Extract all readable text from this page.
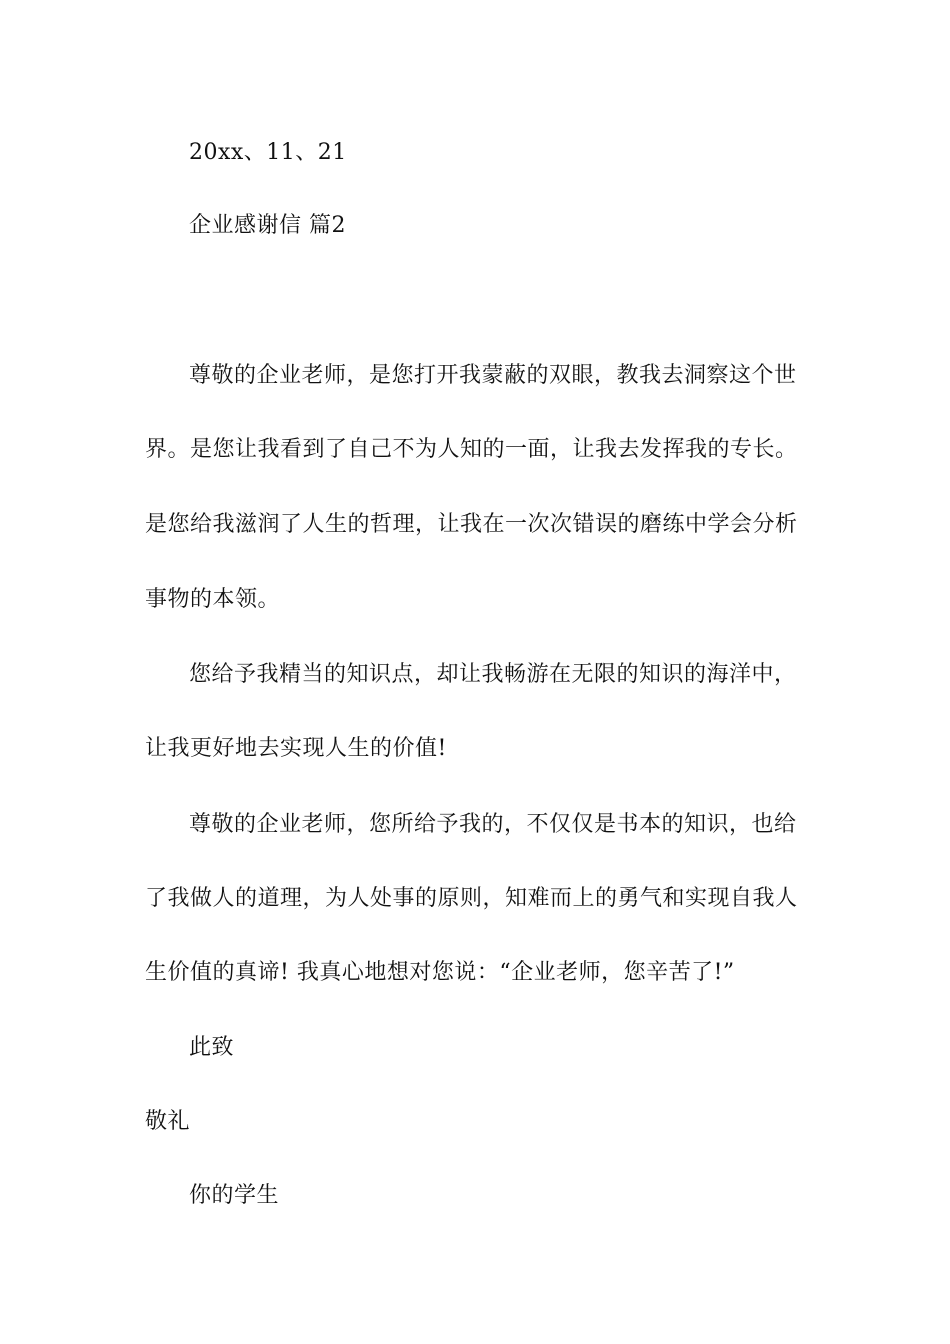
20xx、11、21
企业感谢信 篇2
尊敬的企业老师，是您打开我蒙蔽的双眼，教我去洞察这个世
界。是您让我看到了自己不为人知的一面，让我去发挥我的专长。
是您给我滋润了人生的哲理，让我在一次次错误的磨练中学会分析
事物的本领。
您给予我精当的知识点，却让我畅游在无限的知识的海洋中，
让我更好地去实现人生的价值!
尊敬的企业老师，您所给予我的，不仅仅是书本的知识，也给
了我做人的道理，为人处事的原则，知难而上的勇气和实现自我人
生价值的真谛! 我真心地想对您说：“企业老师，您辛苦了!”
此致
敬礼
你的学生
